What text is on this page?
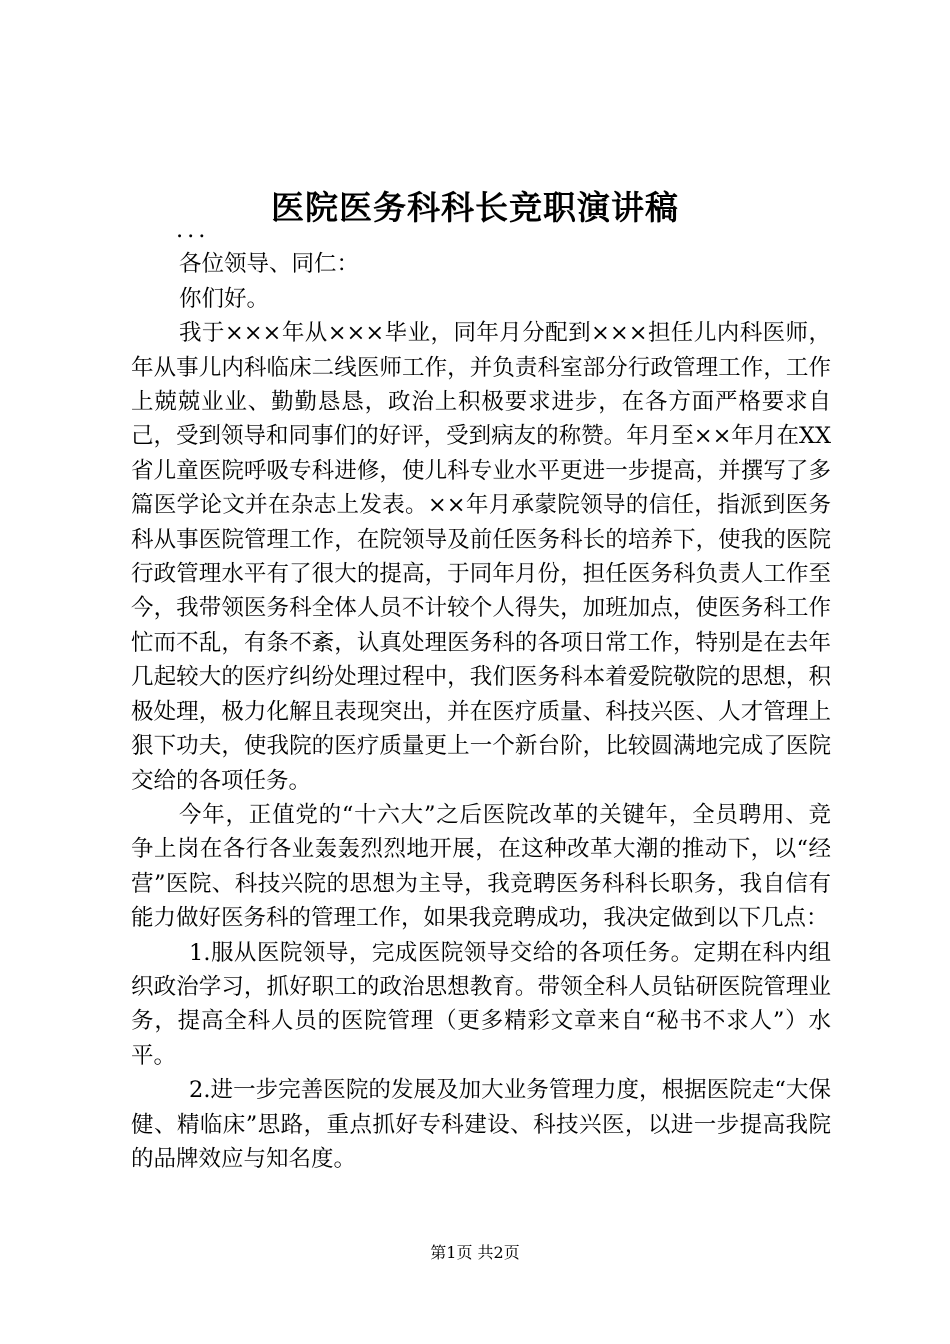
医院医务科科长竞职演讲稿

...

各位领导、同仁：

你们好。

我于×××年从×××毕业，同年月分配到×××担任儿内科医师，年从事儿内科临床二线医师工作，并负责科室部分行政管理工作，工作上兢兢业业、勤勤恳恳，政治上积极要求进步，在各方面严格要求自己，受到领导和同事们的好评，受到病友的称赞。年月至××年月在XX省儿童医院呼吸专科进修，使儿科专业水平更进一步提高，并撰写了多篇医学论文并在杂志上发表。××年月承蒙院领导的信任，指派到医务科从事医院管理工作，在院领导及前任医务科长的培养下，使我的医院行政管理水平有了很大的提高，于同年月份，担任医务科负责人工作至今，我带领医务科全体人员不计较个人得失，加班加点，使医务科工作忙而不乱，有条不紊，认真处理医务科的各项日常工作，特别是在去年几起较大的医疗纠纷处理过程中，我们医务科本着爱院敬院的思想，积极处理，极力化解且表现突出，并在医疗质量、科技兴医、人才管理上狠下功夫，使我院的医疗质量更上一个新台阶，比较圆满地完成了医院交给的各项任务。

今年，正值党的“十六大”之后医院改革的关键年，全员聘用、竞争上岗在各行各业轰轰烈烈地开展，在这种改革大潮的推动下，以“经营”医院、科技兴院的思想为主导，我竞聘医务科科长职务，我自信有能力做好医务科的管理工作，如果我竞聘成功，我决定做到以下几点：

1.服从医院领导，完成医院领导交给的各项任务。定期在科内组织政治学习，抓好职工的政治思想教育。带领全科人员钻研医院管理业务，提高全科人员的医院管理（更多精彩文章来自“秘书不求人”）水平。

2.进一步完善医院的发展及加大业务管理力度，根据医院走“大保健、精临床”思路，重点抓好专科建设、科技兴医，以进一步提高我院的品牌效应与知名度。

第1页 共2页
